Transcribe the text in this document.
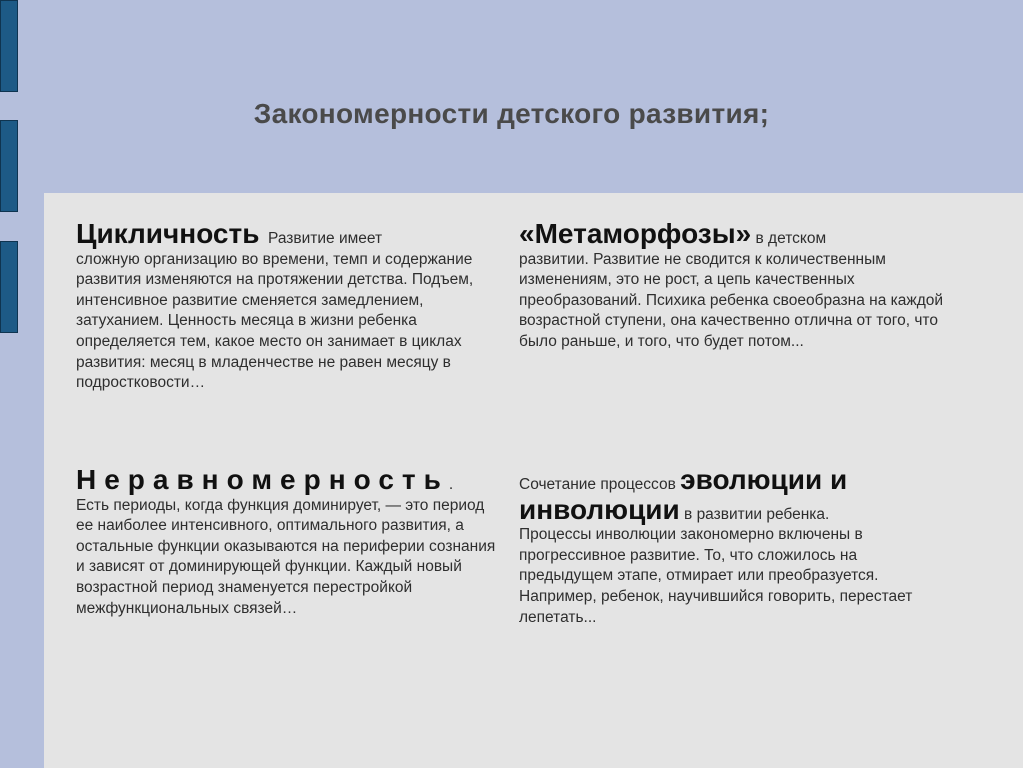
Закономерности детского развития;
Цикличность  Развитие имеет
сложную организацию во времени, темп и содержание развития изменяются на протяжении детства. Подъем, интенсивное развитие сменяется замедлением, затуханием. Ценность месяца в жизни ребенка определяется тем, какое место он занимает в циклах развития: месяц в младенчестве не равен месяцу в подростковости…
«Метаморфозы» в детском
развитии. Развитие не сводится к количественным изменениям, это не рост, а цепь качественных преобразований. Психика ребенка своеобразна на каждой возрастной ступени, она качественно отлична от того, что было раньше, и того, что будет потом...
Неравномерность.
Есть периоды, когда функция доминирует, — это период ее наиболее интенсивного, оптимального развития, а остальные функции оказываются на периферии сознания и зависят от доминирующей функции. Каждый новый возрастной период знаменуется перестройкой межфункциональных связей…
Сочетание процессов эволюции и инволюции в развитии ребенка.
Процессы инволюции закономерно включены в прогрессивное развитие. То, что сложилось на предыдущем этапе, отмирает или преобразуется. Например, ребенок, научившийся говорить, перестает лепетать...
